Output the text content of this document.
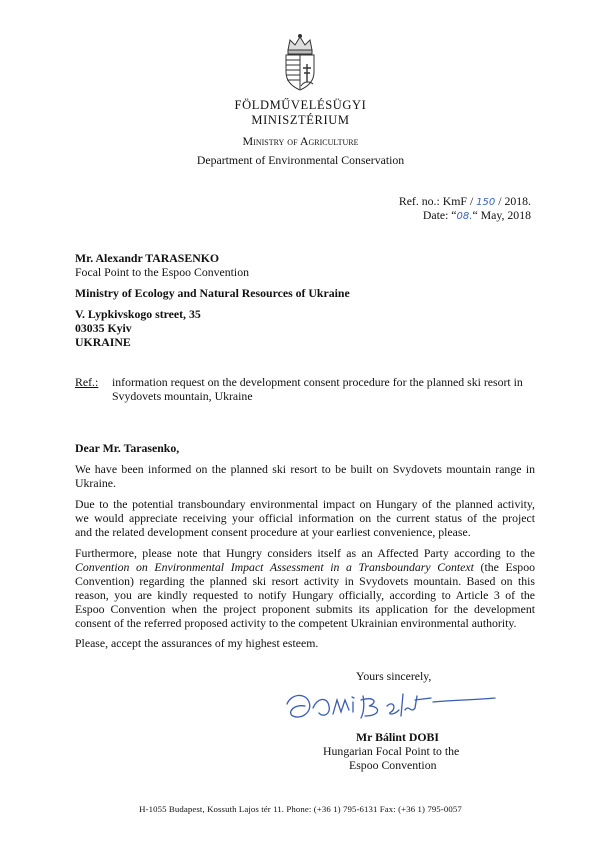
FÖLDMŰVELÉSÜGYI
MINISZTÉRIUM
Ministry of Agriculture
Department of Environmental Conservation
Ref. no.: KmF / 150 / 2018.
Date: “08.“ May, 2018
Mr. Alexandr TARASENKO
Focal Point to the Espoo Convention
Ministry of Ecology and Natural Resources of Ukraine
V. Lypkivskogo street, 35
03035 Kyiv
UKRAINE
Ref.: information request on the development consent procedure for the planned ski resort in
Svydovets mountain, Ukraine
Dear Mr. Tarasenko,
We have been informed on the planned ski resort to be built on Svydovets mountain range in
Ukraine.
Due to the potential transboundary environmental impact on Hungary of the planned activity,
we would appreciate receiving your official information on the current status of the project
and the related development consent procedure at your earliest convenience, please.
Furthermore, please note that Hungry considers itself as an Affected Party according to the
Convention on Environmental Impact Assessment in a Transboundary Context (the Espoo
Convention) regarding the planned ski resort activity in Svydovets mountain. Based on this
reason, you are kindly requested to notify Hungary officially, according to Article 3 of the
Espoo Convention when the project proponent submits its application for the development
consent of the referred proposed activity to the competent Ukrainian environmental authority.
Please, accept the assurances of my highest esteem.
Yours sincerely,
Mr Bálint DOBI
Hungarian Focal Point to the
Espoo Convention
H-1055 Budapest, Kossuth Lajos tér 11. Phone: (+36 1) 795-6131 Fax: (+36 1) 795-0057
